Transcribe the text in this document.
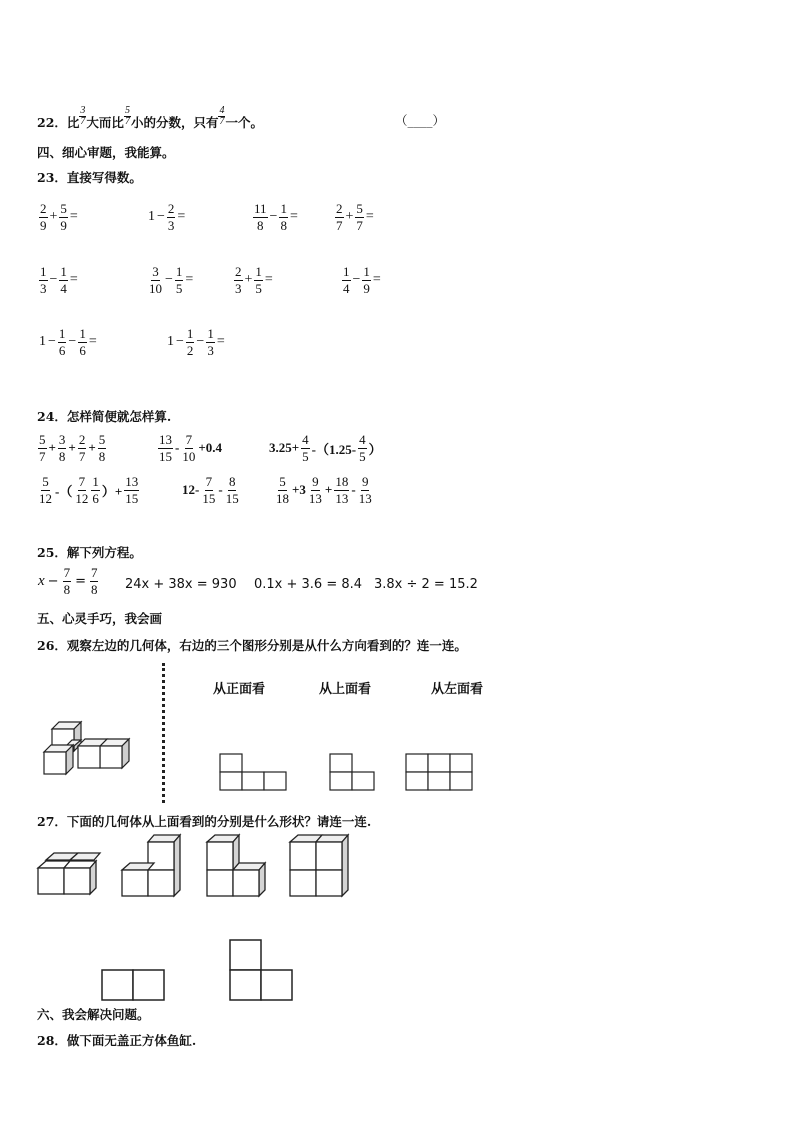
22．比 $\frac{3}{7}$ 大而比 $\frac{5}{7}$ 小的分数，只有 $\frac{4}{7}$ 一个。	（____）
四、细心审题，我能算。
23．直接写得数。
$\frac{2}{9} + \frac{5}{9}$ =	$1 - \frac{2}{3}$ =	$\frac{11}{8} - \frac{1}{8}$ =	$\frac{2}{7} + \frac{5}{7}$ =
$\frac{1}{3} - \frac{1}{4}$ =	$\frac{3}{10} - \frac{1}{5}$ =	$\frac{2}{3} + \frac{1}{5}$ =	$\frac{1}{4} - \frac{1}{9}$ =
$1 - \frac{1}{6} - \frac{1}{6}$ =	$1 - \frac{1}{2} - \frac{1}{3}$ =
24．怎样简便就怎样算.
$\frac{5}{7} + \frac{3}{8} + \frac{2}{7} + \frac{5}{8}$	$\frac{13}{15} - \frac{7}{10} +0.4$	$3.25+ \frac{4}{5} -(1.25- \frac{4}{5}$ ）
$\frac{5}{12}$ -（ $\frac{7}{12} \frac{1}{6}$ ）+ $\frac{13}{15}$	$12- \frac{7}{15} - \frac{8}{15}$	$\frac{5}{18} +3 \frac{9}{13} + \frac{18}{13} - \frac{9}{13}$
25．解下列方程。
$x - \frac{7}{8} = \frac{7}{8} 24x + 38x = 930$ 0.1x + 3.6 = 8.4 3.8x ÷ 2 = 15.2
五、心灵手巧，我会画
26．观察左边的几何体，右边的三个图形分别是从什么方向看到的？连一连。
从正面看	从上面看	从左面看
27．下面的几何体从上面看到的分别是什么形状？请连一连.
六、我会解决问题。
28．做下面无盖正方体鱼缸.
